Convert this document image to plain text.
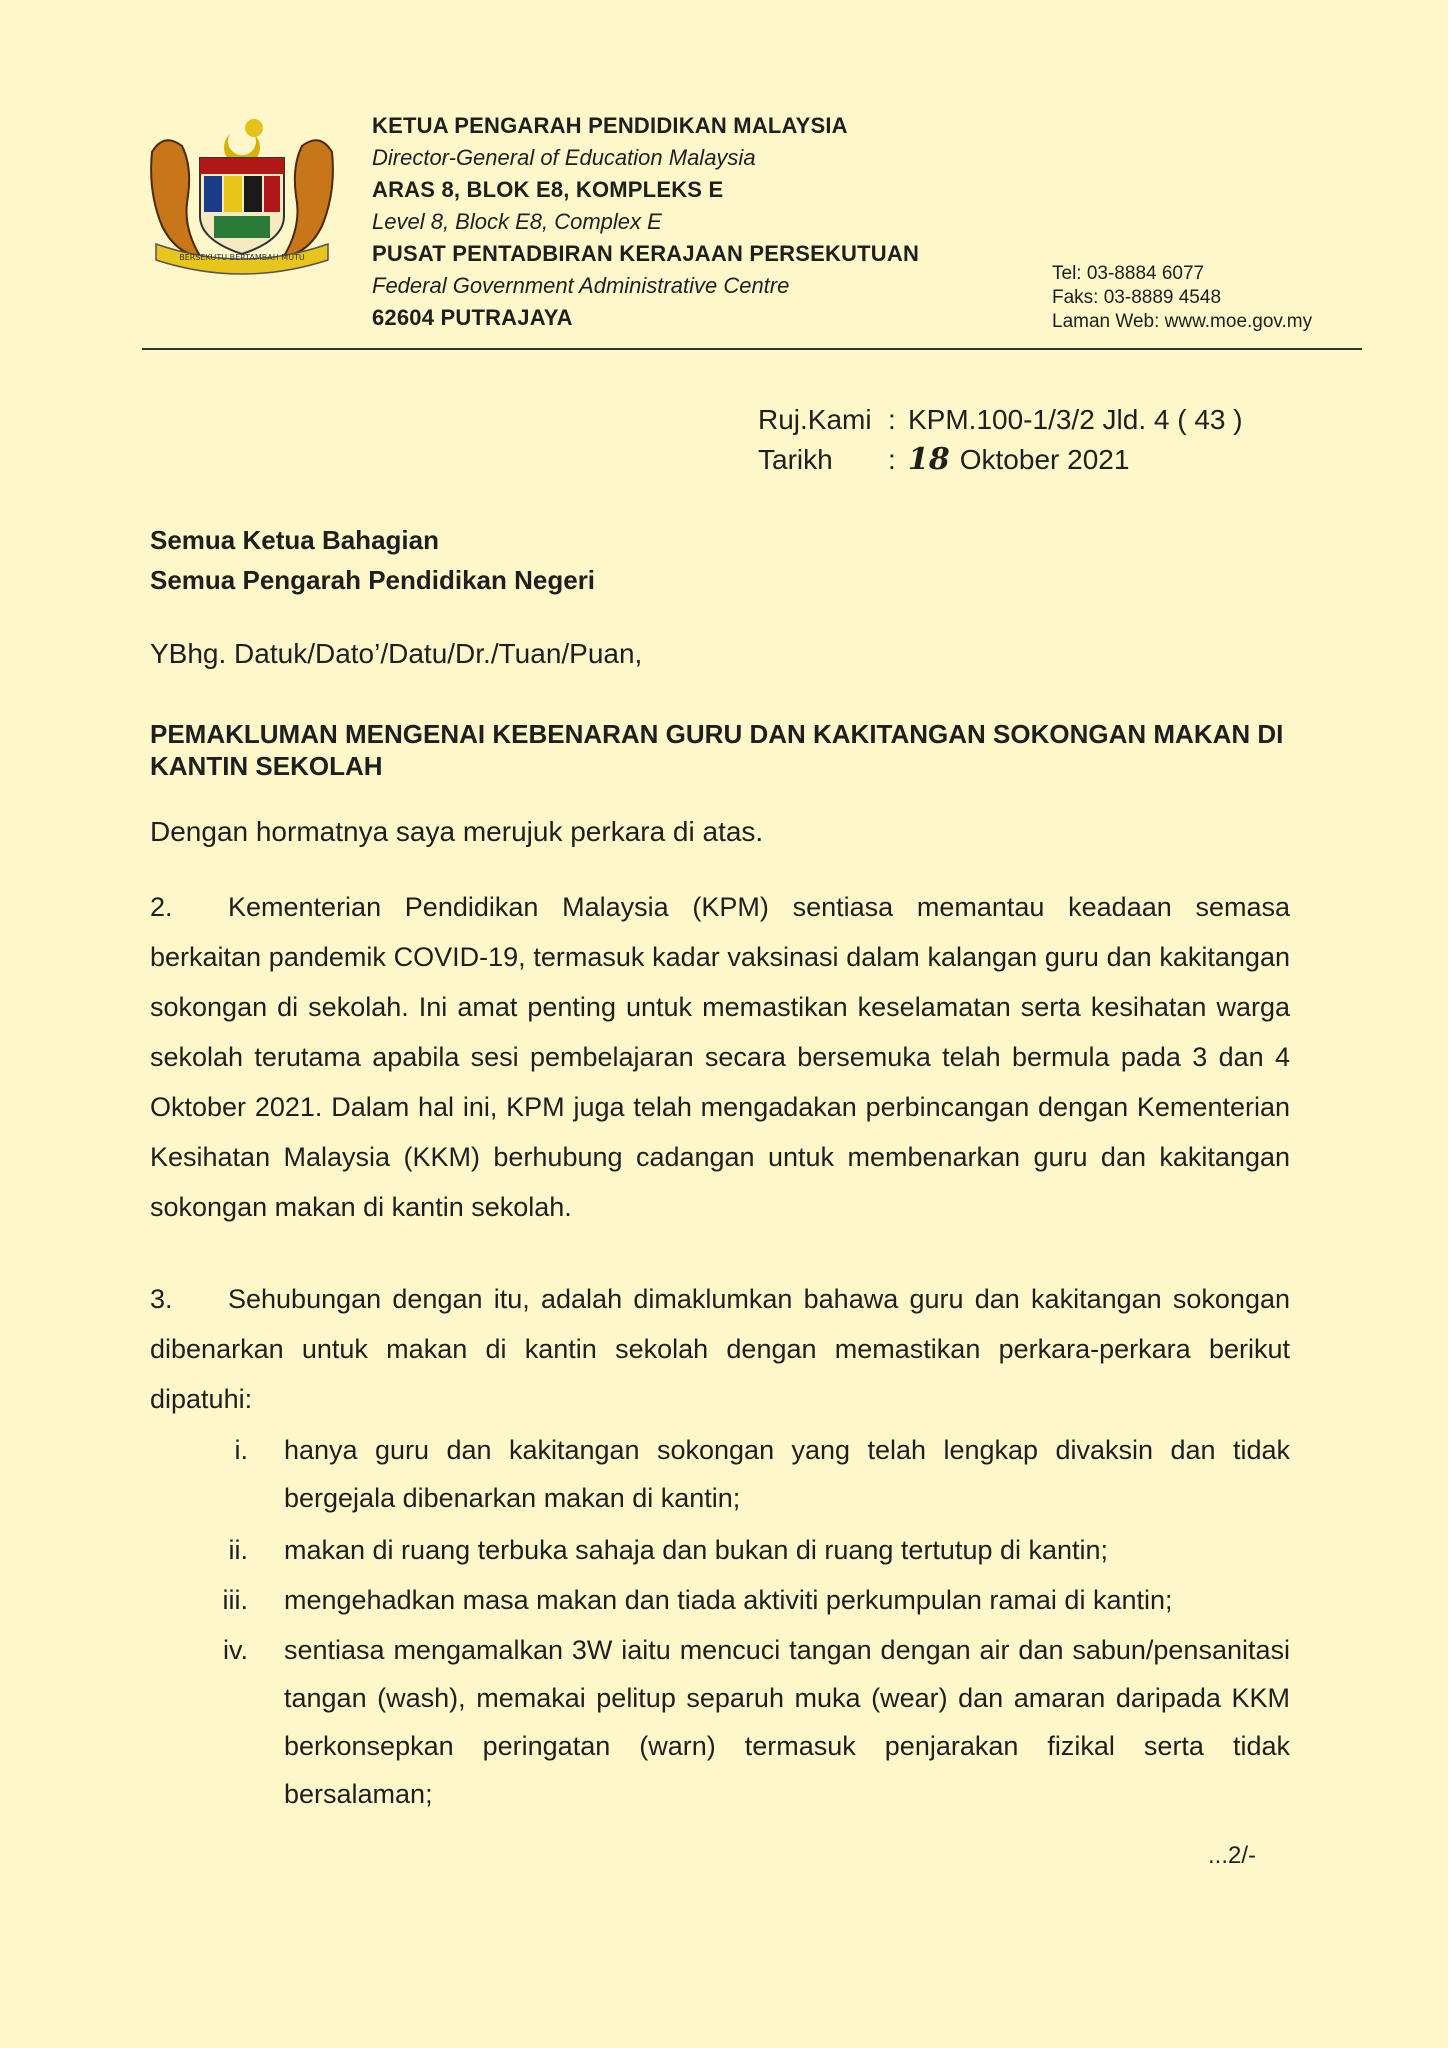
BERSEKUTU BERTAMBAH MUTU
KETUA PENGARAH PENDIDIKAN MALAYSIA
Director-General of Education Malaysia
ARAS 8, BLOK E8, KOMPLEKS E
Level 8, Block E8, Complex E
PUSAT PENTADBIRAN KERAJAAN PERSEKUTUAN
Federal Government Administrative Centre
62604 PUTRAJAYA
Tel: 03-8884 6077
Faks: 03-8889 4548
Laman Web: www.moe.gov.my
Ruj.Kami : KPM.100-1/3/2 Jld. 4 ( 43 )
Tarikh	: 18 Oktober 2021
Semua Ketua Bahagian
Semua Pengarah Pendidikan Negeri
YBhg. Datuk/Dato’/Datu/Dr./Tuan/Puan,
PEMAKLUMAN MENGENAI KEBENARAN GURU DAN KAKITANGAN SOKONGAN MAKAN DI KANTIN SEKOLAH
Dengan hormatnya saya merujuk perkara di atas.
2. Kementerian Pendidikan Malaysia (KPM) sentiasa memantau keadaan semasa berkaitan pandemik COVID-19, termasuk kadar vaksinasi dalam kalangan guru dan kakitangan sokongan di sekolah. Ini amat penting untuk memastikan keselamatan serta kesihatan warga sekolah terutama apabila sesi pembelajaran secara bersemuka telah bermula pada 3 dan 4 Oktober 2021. Dalam hal ini, KPM juga telah mengadakan perbincangan dengan Kementerian Kesihatan Malaysia (KKM) berhubung cadangan untuk membenarkan guru dan kakitangan sokongan makan di kantin sekolah.
3. Sehubungan dengan itu, adalah dimaklumkan bahawa guru dan kakitangan sokongan dibenarkan untuk makan di kantin sekolah dengan memastikan perkara-perkara berikut dipatuhi:
i. hanya guru dan kakitangan sokongan yang telah lengkap divaksin dan tidak bergejala dibenarkan makan di kantin;
ii. makan di ruang terbuka sahaja dan bukan di ruang tertutup di kantin;
iii. mengehadkan masa makan dan tiada aktiviti perkumpulan ramai di kantin;
iv. sentiasa mengamalkan 3W iaitu mencuci tangan dengan air dan sabun/pensanitasi tangan (wash), memakai pelitup separuh muka (wear) dan amaran daripada KKM berkonsepkan peringatan (warn) termasuk penjarakan fizikal serta tidak bersalaman;
...2/-
